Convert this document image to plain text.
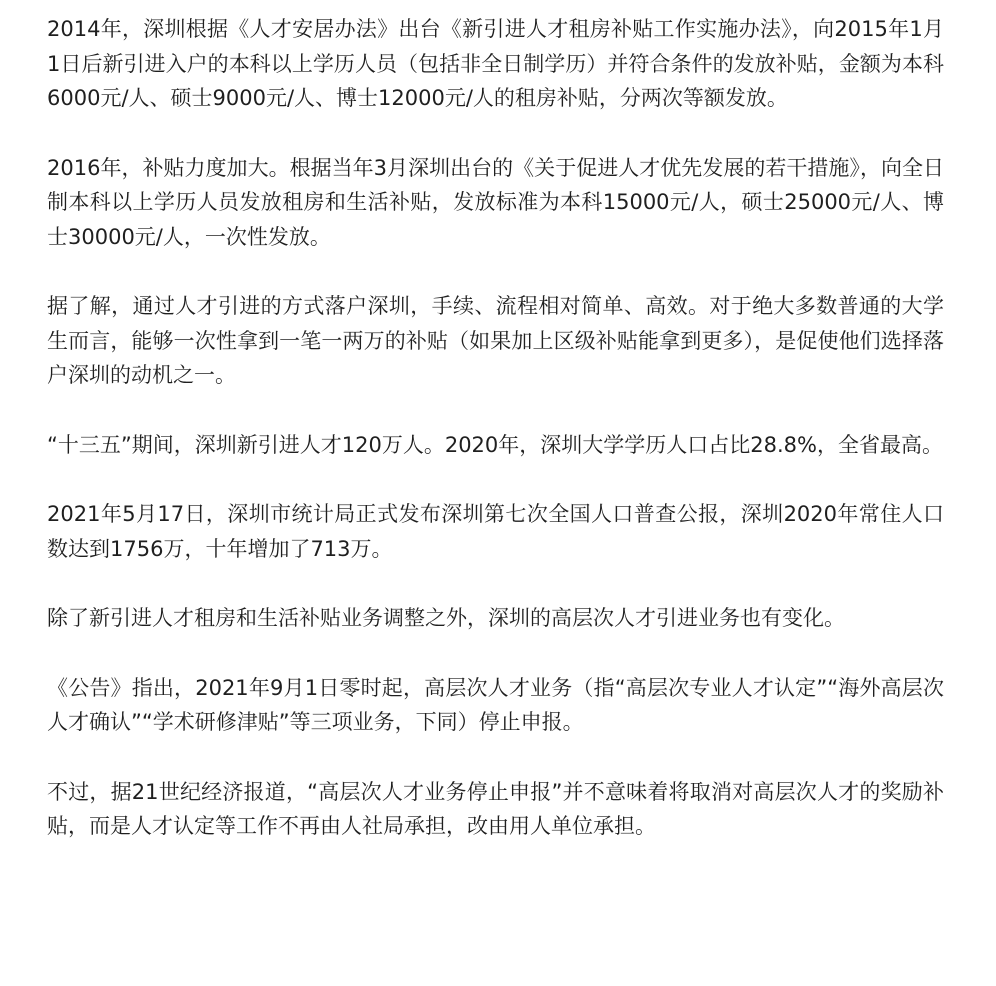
2014年，深圳根据《人才安居办法》出台《新引进人才租房补贴工作实施办法》，向2015年1月1日后新引进入户的本科以上学历人员（包括非全日制学历）并符合条件的发放补贴，金额为本科6000元/人、硕士9000元/人、博士12000元/人的租房补贴，分两次等额发放。

2016年，补贴力度加大。根据当年3月深圳出台的《关于促进人才优先发展的若干措施》，向全日制本科以上学历人员发放租房和生活补贴，发放标准为本科15000元/人，硕士25000元/人、博士30000元/人，一次性发放。

据了解，通过人才引进的方式落户深圳，手续、流程相对简单、高效。对于绝大多数普通的大学生而言，能够一次性拿到一笔一两万的补贴（如果加上区级补贴能拿到更多），是促使他们选择落户深圳的动机之一。

“十三五”期间，深圳新引进人才120万人。2020年，深圳大学学历人口占比28.8%，全省最高。

2021年5月17日，深圳市统计局正式发布深圳第七次全国人口普查公报，深圳2020年常住人口数达到1756万，十年增加了713万。

除了新引进人才租房和生活补贴业务调整之外，深圳的高层次人才引进业务也有变化。

《公告》指出，2021年9月1日零时起，高层次人才业务（指“高层次专业人才认定”“海外高层次人才确认”“学术研修津贴”等三项业务，下同）停止申报。

不过，据21世纪经济报道，“高层次人才业务停止申报”并不意味着将取消对高层次人才的奖励补贴，而是人才认定等工作不再由人社局承担，改由用人单位承担。
